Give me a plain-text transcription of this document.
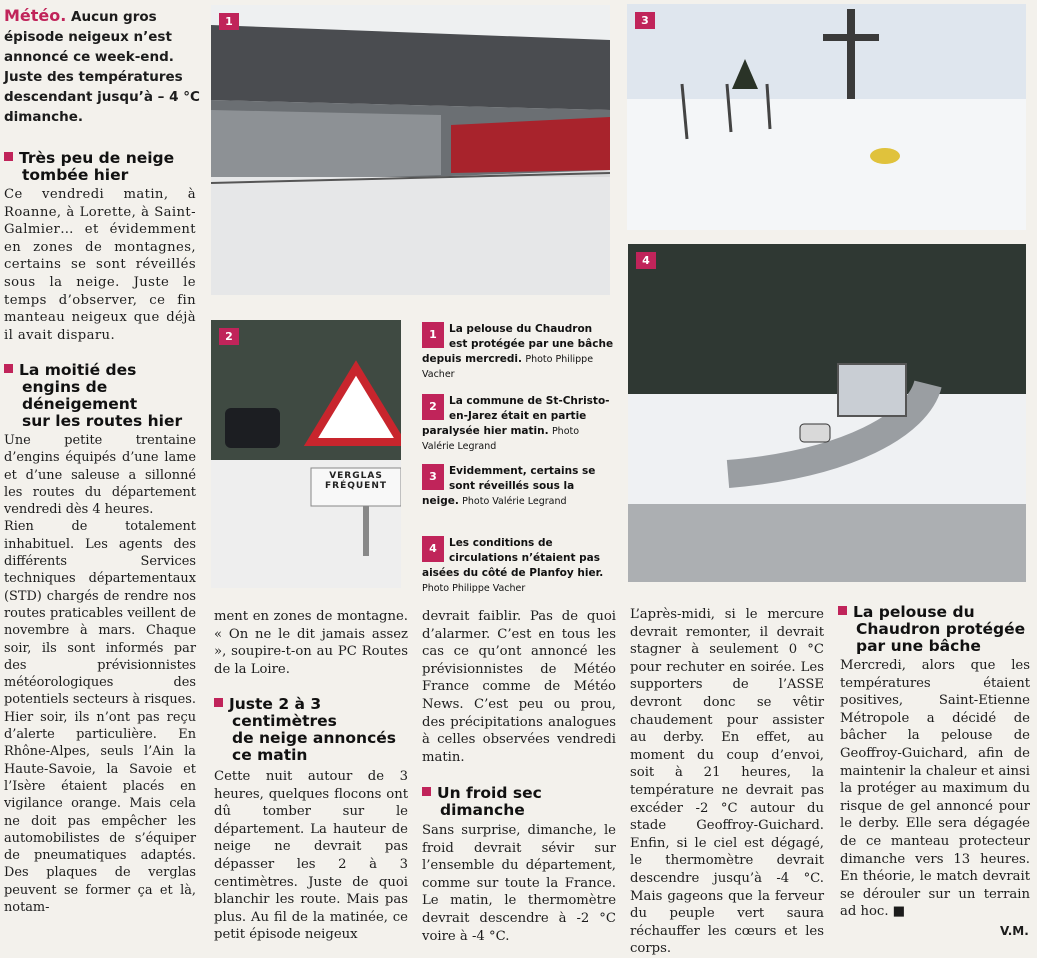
Météo. Aucun gros épisode neigeux n’est annoncé ce week-end. Juste des températures descendant jusqu’à – 4 °C dimanche.
Très peu de neige
tombée hier

Ce vendredi matin, à Roanne, à Lorette, à Saint-Galmier… et évidemment en zones de montagnes, certains se sont réveillés sous la neige. Juste le temps d’observer, ce fin manteau neigeux que déjà il avait disparu.

La moitié des
engins de
déneigement
sur les routes hier

Une petite trentaine d’engins équipés d’une lame et d’une saleuse a sillonné les routes du département vendredi dès 4 heures.

Rien de totalement inhabituel. Les agents des différents Services techniques départementaux (STD) chargés de rendre nos routes praticables veillent de novembre à mars. Chaque soir, ils sont informés par des prévisionnistes météorologiques des potentiels secteurs à risques. Hier soir, ils n’ont pas reçu d’alerte particulière. En Rhône-Alpes, seuls l’Ain la Haute-Savoie, la Savoie et l’Isère étaient placés en vigilance orange. Mais cela ne doit pas empêcher les automobilistes de s’équiper de pneumatiques adaptés. Des plaques de verglas peuvent se former ça et là, notam-

ment en zones de montagne. « On ne le dit jamais assez », soupire-t-on au PC Routes de la Loire.

Juste 2 à 3
centimètres
de neige annoncés
ce matin

Cette nuit autour de 3 heures, quelques flocons ont dû tomber sur le département. La hauteur de neige ne devrait pas dépasser les 2 à 3 centimètres. Juste de quoi blanchir les route. Mais pas plus. Au fil de la matinée, ce petit épisode neigeux

devrait faiblir. Pas de quoi d’alarmer. C’est en tous les cas ce qu’ont annoncé les prévisionnistes de Météo France comme de Météo News. C’est peu ou prou, des précipitations analogues à celles observées vendredi matin.

Un froid sec
dimanche

Sans surprise, dimanche, le froid devrait sévir sur l’ensemble du département, comme sur toute la France. Le matin, le thermomètre devrait descendre à -2 °C voire à -4 °C.

L’après-midi, si le mercure devrait remonter, il devrait stagner à seulement 0 °C pour rechuter en soirée. Les supporters de l’ASSE devront donc se vêtir chaudement pour assister au derby. En effet, au moment du coup d’envoi, soit à 21 heures, la température ne devrait pas excéder -2 °C autour du stade Geoffroy-Guichard. Enfin, si le ciel est dégagé, le thermomètre devrait descendre jusqu’à -4 °C. Mais gageons que la ferveur du peuple vert saura réchauffer les cœurs et les corps.

La pelouse du
Chaudron protégée
par une bâche

Mercredi, alors que les températures étaient positives, Saint-Etienne Métropole a décidé de bâcher la pelouse de Geoffroy-Guichard, afin de maintenir la chaleur et ainsi la protéger au maximum du risque de gel annoncé pour le derby. Elle sera dégagée de ce manteau protecteur dimanche vers 13 heures. En théorie, le match devrait se dérouler sur un terrain ad hoc. ■

V.M.
1	3
VERGLAS
FRÉQUENT
2
4
1	La pelouse du Chaudron est protégée par une bâche depuis mercredi. Photo Philippe Vacher
2	La commune de St-Christo-en-Jarez était en partie paralysée hier matin. Photo Valérie Legrand
3	Evidemment, certains se sont réveillés sous la neige. Photo Valérie Legrand
4	Les conditions de circulations n’étaient pas aisées du côté de Planfoy hier. Photo Philippe Vacher
